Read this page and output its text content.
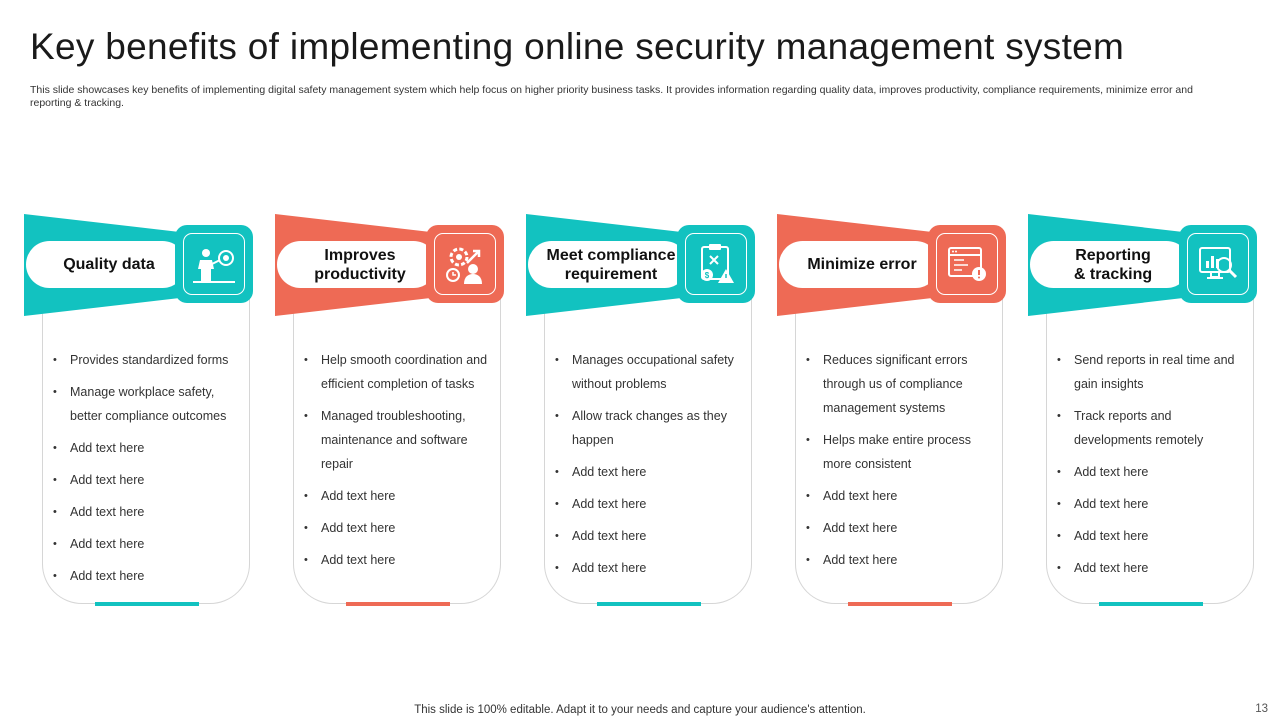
Key benefits of implementing online security management system

This slide showcases key benefits of implementing digital safety management system which help focus on higher priority business tasks. It provides information regarding quality data, improves productivity, compliance requirements, minimize error and reporting & tracking.

• Provides standardized forms
• Manage workplace safety, better compliance outcomes
• Add text here
• Add text here
• Add text here
• Add text here
• Add text here
Quality data
• Help smooth coordination and efficient completion of tasks
• Managed troubleshooting, maintenance and software repair
• Add text here
• Add text here
• Add text here
Improves
productivity
• Manages occupational safety without problems
• Allow track changes as they happen
• Add text here
• Add text here
• Add text here
• Add text here
Meet compliance
requirement	$
• Reduces significant errors through us of compliance management systems
• Helps make entire process more consistent
• Add text here
• Add text here
• Add text here
Minimize error
• Send reports in real time and gain insights
• Track reports and developments remotely
• Add text here
• Add text here
• Add text here
• Add text here
Reporting
& tracking
This slide is 100% editable. Adapt it to your needs and capture your audience's attention.	13
